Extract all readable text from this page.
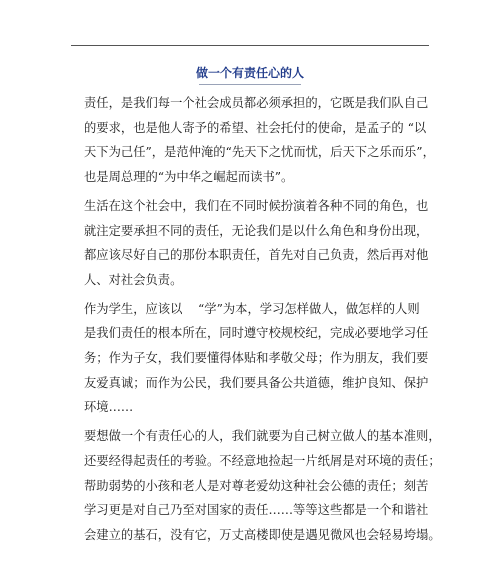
做一个有责任心的人

责任，是我们每一个社会成员都必须承担的，它既是我们队自己
的要求，也是他人寄予的希望、社会托付的使命，是孟子的 “以
天下为己任”，是范仲淹的“先天下之忧而忧，后天下之乐而乐”，
也是周总理的“为中华之崛起而读书”。

生活在这个社会中，我们在不同时候扮演着各种不同的角色，也
就注定要承担不同的责任，无论我们是以什么角色和身份出现，
都应该尽好自己的那份本职责任，首先对自己负责，然后再对他
人、对社会负责。

作为学生，应该以    “学”为本，学习怎样做人，做怎样的人则
是我们责任的根本所在，同时遵守校规校纪，完成必要地学习任
务；作为子女，我们要懂得体贴和孝敬父母；作为朋友，我们要
友爱真诚；而作为公民，我们要具备公共道德，维护良知、保护
环境……

要想做一个有责任心的人，我们就要为自己树立做人的基本准则，
还要经得起责任的考验。不经意地捡起一片纸屑是对环境的责任；
帮助弱势的小孩和老人是对尊老爱幼这种社会公德的责任；刻苦
学习更是对自己乃至对国家的责任……等等这些都是一个和谐社
会建立的基石，没有它，万丈高楼即使是遇见微风也会轻易垮塌。
